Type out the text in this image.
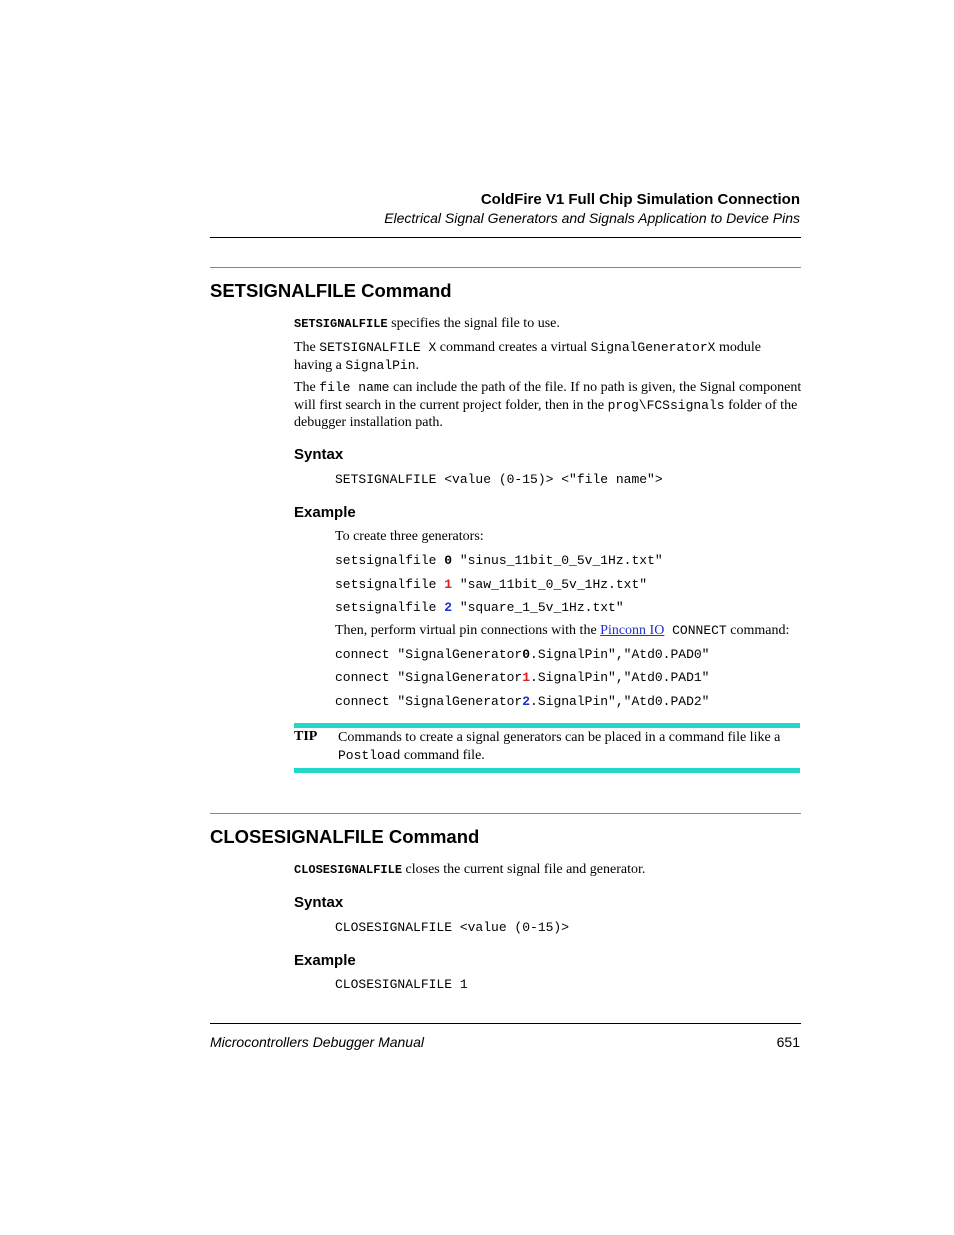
ColdFire V1 Full Chip Simulation Connection
Electrical Signal Generators and Signals Application to Device Pins
SETSIGNALFILE Command
SETSIGNALFILE specifies the signal file to use.
The SETSIGNALFILE X command creates a virtual SignalGeneratorX module having a SignalPin.
The file name can include the path of the file. If no path is given, the Signal component will first search in the current project folder, then in the prog\FCSsignals folder of the debugger installation path.
Syntax
SETSIGNALFILE <value (0-15)> <"file name">
Example
To create three generators:
setsignalfile 0 "sinus_11bit_0_5v_1Hz.txt"
setsignalfile 1 "saw_11bit_0_5v_1Hz.txt"
setsignalfile 2 "square_1_5v_1Hz.txt"
Then, perform virtual pin connections with the Pinconn IO CONNECT command:
connect "SignalGenerator0.SignalPin","Atd0.PAD0"
connect "SignalGenerator1.SignalPin","Atd0.PAD1"
connect "SignalGenerator2.SignalPin","Atd0.PAD2"
TIP Commands to create a signal generators can be placed in a command file like a Postload command file.
CLOSESIGNALFILE Command
CLOSESIGNALFILE closes the current signal file and generator.
Syntax
CLOSESIGNALFILE <value (0-15)>
Example
CLOSESIGNALFILE 1
Microcontrollers Debugger Manual	651
